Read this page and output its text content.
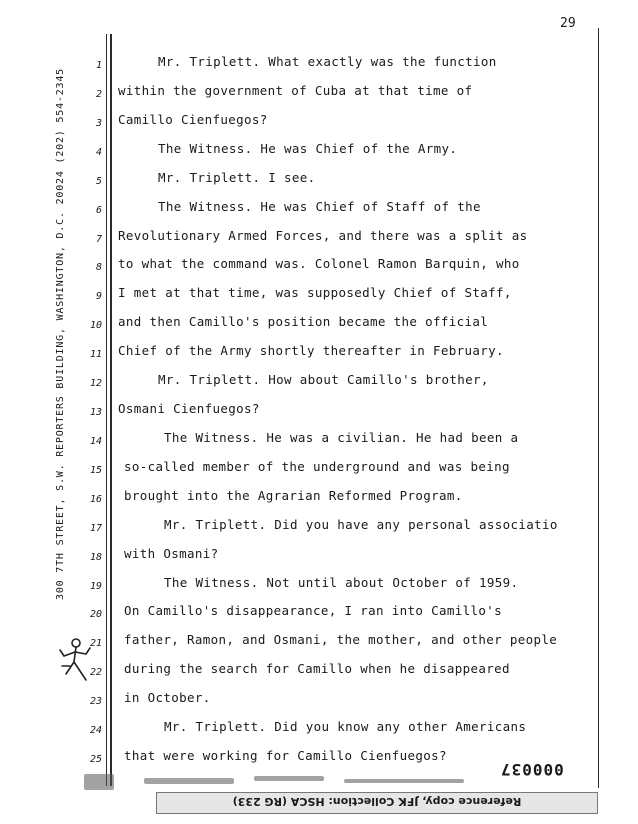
29
300 7TH STREET, S.W. REPORTERS BUILDING, WASHINGTON, D.C. 20024 (202) 554-2345
1	Mr. Triplett. What exactly was the function
2 within the government of Cuba at that time of
3 Camillo Cienfuegos?
4	The Witness. He was Chief of the Army.
5	Mr. Triplett. I see.
6	The Witness. He was Chief of Staff of the
7 Revolutionary Armed Forces, and there was a split as
8 to what the command was. Colonel Ramon Barquin, who
9 I met at that time, was supposedly Chief of Staff,
10 and then Camillo's position became the official
11 Chief of the Army shortly thereafter in February.
12	Mr. Triplett. How about Camillo's brother,
13 Osmani Cienfuegos?
14	The Witness. He was a civilian. He had been a
15 so-called member of the underground and was being
16 brought into the Agrarian Reformed Program.
17	Mr. Triplett. Did you have any personal associatio
18 with Osmani?
19	The Witness. Not until about October of 1959.
20 On Camillo's disappearance, I ran into Camillo's
21 father, Ramon, and Osmani, the mother, and other people
22 during the search for Camillo when he disappeared
23 in October.
24	Mr. Triplett. Did you know any other Americans
25 that were working for Camillo Cienfuegos?
000037
Reference copy, JFK Collection: HSCA (RG 233)
